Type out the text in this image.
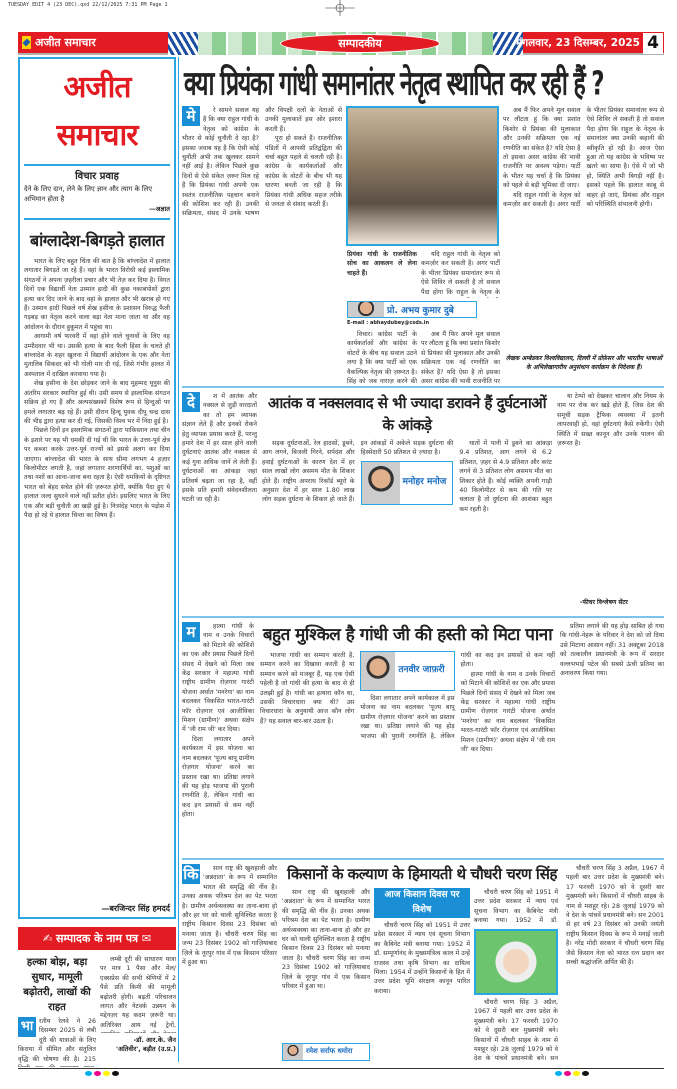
TUESDAY EDIT 4 (23 DEC).qxd 22/12/2025 7:31 PM Page 1
अजीत समाचार	सम्पादकीय	मंगलवार, 23 दिसम्बर, 2025 4
अजीत समाचार
विचार प्रवाह
देने के लिए दान, लेने के लिए ज्ञान और त्याग के लिए अभिमान होता है
—अज्ञात
बांग्लादेश-बिगड़ते हालात

भारत के लिए बहुत चिंता की बात है कि बांग्लादेश में हालात लगातार बिगड़ते जा रहे हैं। वहां के भारत विरोधी कई इस्लामिक संगठनों ने अपना ज़हरीला प्रचार और भी तेज़ कर दिया है। विगत दिनों एक विद्यार्थी नेता उस्मान हादी की कुछ नकाबपोशों द्वारा हत्या कर दिए जाने के बाद वहां के हालात और भी खराब हो गए हैं। उस्मान हादी पिछले वर्ष शेख हसीना के प्रशासन विरुद्ध फैली गड़बड़ का नेतृत्व करने वाला बड़ा नेता माना जाता था और वह आंदोलन के दौरान हुकूमत में पहुंचा था।

आगामी वर्ष फरवरी में वहां होने वाले चुनावों के लिए वह उम्मीदवार भी था। उसकी हत्या के बाद फैली हिंसा के चलते ही बांग्लादेश के शहर खुलना में विद्यार्थी आंदोलन के एक और नेता मुतालिब सिकदर को भी गोली मार दी गई, जिसे गंभीर हालत में अस्पताल में दाखिल करवाया गया है।

शेख हसीना के देश छोड़कर जाने के बाद मुहम्मद यूनुस की अंतरिम सरकार स्थापित हुई थी। उसी समय से इस्लामिक संगठन सक्रिय हो गए हैं और अल्पसंख्यकों विशेष रूप से हिन्दुओं पर हमले लगातार बढ़ रहे हैं। इसी दौरान हिन्दू युवक दीपू चन्द्र दास की भीड़ द्वारा हत्या कर दी गई, जिसकी विश्व भर में निंदा हुई है।

पिछले दिनों इन इस्लामिक संगठनों द्वारा पाकिस्तान तथा चीन के इशारे पर यह भी धमकी दी गई थी कि भारत के उत्तर-पूर्व क्षेत्र पर कब्जा करके उत्तर-पूर्व राज्यों को इससे अलग कर दिया जाएगा। बांग्लादेश की भारत के साथ सीमा लगभग 4 हज़ार किलोमीटर लगती है, जहां लगातार शरणार्थियों का, पशुओं का तथा नशों का आना-जाना बना रहता है। ऐसी धमकियों के दृष्टिगत भारत को बेहद सचेत होने की ज़रूरत होगी, क्योंकि पैदा हुए ये हालात जल्द सुधरने वाले नहीं प्रतीत होते। इसलिए भारत के लिए एक और बड़ी चुनौती आ खड़ी हुई है। निःसंदेह भारत के पड़ोस में पैदा हो रहे ये हालात चिन्ता का विषय हैं।

—बरजिन्दर सिंह हमदर्द
✍ सम्पादक के नाम पत्र ✉
हल्का बोझ, बड़ा सुधार, मामूली बढ़ोतरी, लाखों की राहत
भा रतीय रेलवे ने 26 दिसम्बर 2025 से लंबी दूरी की यात्राओं के लिए किराया में सीमित और संतुलित वृद्धि की घोषणा की है। 215

लम्बी दूरी की साधारण यात्रा पर मात्र 1 पैसा और मेल/एक्सप्रेस की सभी श्रेणियों में 2 पैसे प्रति किमी की मामूली बढ़ोतरी होगी। बढ़ती परिचालन लागत और नेटवर्क उन्नयन के मद्देनज़र यह कदम ज़रूरी था। अतिरिक्त आय नई ट्रेनों,

-डॉ. आर.के. जैन
'अतिवीर', बड़ौत (उ.प्र.)
क्या प्रियंका गांधी समानांतर नेतृत्व स्थापित कर रही हैं ?
मे	रे सामने सवाल यह है कि क्या राहुल गांधी के नेतृत्व को कांग्रेस के भीतर से कोई चुनौती दे रहा है? इसका जवाब यह है कि ऐसी कोई चुनौती अभी तक खुलकर सामने नहीं आई है। लेकिन पिछले कुछ दिनों से ऐसे संकेत ज़रूर मिल रहे हैं कि प्रियंका गांधी अपनी एक स्वतंत्र राजनीतिक पहचान बनाने की कोशिश कर रही हैं। उनकी सक्रियता, संसद में उनके भाषण और विपक्षी दलों के नेताओं से उनकी मुलाकातें इस ओर इशारा करती हैं।

पूरा हो सकते हैं। राजनीतिक पंडितों में आपसी प्रतिद्वंद्विता की चर्चा बहुत पहले से चलती रही है। कांग्रेस के कार्यकर्ताओं और कांग्रेस के वोटरों के बीच भी यह धारणा बनती जा रही है कि प्रियंका गांधी अधिक सहज तरीके से जनता से संवाद करती हैं।

प्रियंका गांधी के राजनीतिक सोच का आकलन ले लेना चाहते हैं।

यदि राहुल गांधी के नेतृत्व को कमज़ोर कर सकती है। अगर पार्टी के भीतर प्रियंका समानांतर रूप से ऐसे शिविर ले सकती है तो सवाल पैदा होगा कि राहुल के नेतृत्व के

प्रो. अभय कुमार दुबे
E-mail : abhaydubey@csds.in

विचार। कांग्रेस पार्टी के कार्यकर्ताओं और कांग्रेस के वोटरों के बीच यह सवाल उठने लगा है कि क्या पार्टी को एक वैकल्पिक नेतृत्व की ज़रूरत है। सिंह को जब नाराज़ करने की

अब मैं फिर अपने मूल सवाल पर लौटता हूं कि क्या प्रशांत किशोर से प्रियंका की मुलाकात और उनकी सक्रियता एक नई रणनीति का संकेत है? यदि ऐसा है तो इसका असर कांग्रेस की भावी राजनीति पर

अब मैं फिर अपने मूल सवाल पर लौटता हूं कि क्या प्रशांत किशोर से प्रियंका की मुलाकात और उनकी सक्रियता एक नई रणनीति का संकेत है? यदि ऐसा है तो इसका असर कांग्रेस की भावी राजनीति पर अवश्य पड़ेगा। पार्टी के भीतर यह चर्चा है कि प्रियंका को पहले से बड़ी भूमिका दी जाए।

यदि राहुल गांधी के नेतृत्व को कमज़ोर कर सकती है। अगर पार्टी के भीतर प्रियंका समानांतर रूप से ऐसे शिविर ले सकती है तो सवाल पैदा होगा कि राहुल के नेतृत्व के समानांतर क्या उनकी कहानी की स्वीकृति हो रही है। आज ऐसा हुआ तो यह कांग्रेस के भविष्य पर खतरे का साया है। ऐसे में जो भी हो, स्थिति अभी बिगड़ी नहीं है। इसको पहले कि हालात काबू से बाहर हो जाएं, प्रियंका और राहुल को परिस्थिति संभालनी होगी।

लेखक अम्बेडकर विश्वविद्यालय, दिल्ली में प्रोफ़ेसर और भारतीय भाषाओं के अभिलेखागारीय अनुसंधान कार्यक्रम के निदेशक हैं।
दे	श में आतंक और नक्सल से जुड़ी वारदातों का तो हम व्यापक संज्ञान लेते हैं और इनको रोकने हेतु व्यापक प्रयास करते हैं, परन्तु हमारे देश में हर साल होने वाली दुर्घटनाएं आतंक और नक्सल से कई गुना अधिक जानें ले लेती हैं। दुर्घटनाओं का आंकड़ा जहां प्रतिवर्ष बढ़ता जा रहा है, वहीं इसके प्रति हमारी संवेदनशीलता घटती जा रही है।

आतंक व नक्सलवाद से भी ज्यादा डरावने हैं दुर्घटनाओं के आंकड़े

सड़क दुर्घटनाओं, रेल हादसों, डूबने, आग लगने, बिजली गिरने, सर्पदंश और हवाई दुर्घटनाओं के कारण देश में हर साल लाखों लोग असमय मौत के शिकार होते हैं। राष्ट्रीय अपराध रिकॉर्ड ब्यूरो के अनुसार देश में हर साल 1.80 लाख लोग सड़क दुर्घटना के शिकार हो जाते हैं। इन आंकड़ों में अकेले सड़क दुर्घटना की हिस्सेदारी 50 प्रतिशत से ज़्यादा है।

मनोहर मनोज

घातों में पानी में डूबने का आंकड़ा 9.4 प्रतिशत, आग लगने से 6.2 प्रतिशत, ज़हर से 4.9 प्रतिशत और करंट लगने से 3 प्रतिशत लोग असमय मौत का शिकार होते हैं। कोई व्यक्ति अपनी गाड़ी 40 किलोमीटर से कम की गति पर चलाता है तो दुर्घटना की आशंका बहुत कम रहती है।

या टेम्पो को देखकर चालान और नियम के नाम पर रोक कर खड़े होते हैं, जिस देश की समूची सड़क ट्रैफिक व्यवस्था में इतनी लापरवाही हो, वहां दुर्घटनाएं कैसे रुकेंगी। ऐसी स्थिति में सख्त कानून और उनके पालन की ज़रूरत है।

-फीचर विश्लेषण सेंटर
म	हात्मा गांधी के नाम व उनके विचारों को मिटाने की कोशिशें का एक और प्रयास पिछले दिनों संसद में देखने को मिला जब केंद्र सरकार ने महात्मा गांधी राष्ट्रीय ग्रामीण रोज़गार गारंटी योजना अर्थात 'मनरेगा' का नाम बदलकर 'विकसित भारत-गारंटी फॉर रोज़गार एवं आजीविका मिशन (ग्रामीण)' अथवा संक्षेप में 'जी राम जी' कर दिया।

दिशा लगातार अपने कार्यकाल में इस योजना का नाम बदलकर 'पूज्य बापू ग्रामीण रोज़गार योजना' करने का प्रस्ताव रखा था। प्रतिष्ठा लगाने की यह होड़ भाजपा की पुरानी रणनीति है, लेकिन गांधी का कद इन प्रयासों से कम नहीं होता।

बहुत मुश्किल है गांधी जी की हस्ती को मिटा पाना

भाजपा गांधी का सम्मान करती है, सम्मान करने का दिखावा करती है या सम्मान करने को मजबूर हैं, यह एक ऐसी पहेली है जो गांधी की हत्या के बाद से ही उलझी हुई है। गांधी का हत्यारा कौन था, उसकी विचारधारा क्या थी? उस विचारधारा के अनुयायी आज कौन लोग हैं? यह सवाल बार-बार उठता है।

तनवीर जाफ़री

दिशा लगातार अपने कार्यकाल में इस योजना का नाम बदलकर 'पूज्य बापू ग्रामीण रोज़गार योजना' करने का प्रस्ताव रखा था। प्रतिष्ठा लगाने की यह होड़ भाजपा की पुरानी रणनीति है, लेकिन गांधी का कद इन प्रयासों से कम नहीं होता।

हात्मा गांधी के नाम व उनके विचारों को मिटाने की कोशिशें का एक और प्रयास पिछले दिनों संसद में देखने को मिला जब केंद्र सरकार ने महात्मा गांधी राष्ट्रीय ग्रामीण रोज़गार गारंटी योजना अर्थात 'मनरेगा' का नाम बदलकर 'विकसित भारत-गारंटी फॉर रोज़गार एवं आजीविका मिशन (ग्रामीण)' अथवा संक्षेप में 'जी राम जी' कर दिया।

प्रतिमा लगाने की यह होड़ साबित हो गया कि गांधी-नेहरू के परिवार ने देश को जो दिया उसे मिटाना आसान नहीं। 31 अक्टूबर 2018 को तत्कालीन प्रधानमंत्री के रूप में सरदार वल्लभभाई पटेल की सबसे ऊंची प्रतिमा का अनावरण किया गया।

कि	सान राष्ट्र की खुशहाली और 'अन्नदाता' के रूप में सम्मानित भारत की समृद्धि की नींव है। उनका अथक परिश्रम देश का पेट भरता है। ग्रामीण अर्थव्यवस्था का ताना-बाना हो और हर घर को थाली सुनिश्चित करता है राष्ट्रीय किसान दिवस 23 दिसंबर को मनाया जाता है। चौधरी चरण सिंह का जन्म 23 दिसंबर 1902 को गाज़ियाबाद ज़िले के नूरपुर गांव में एक किसान परिवार में हुआ था।

किसानों के कल्याण के हिमायती थे चौधरी चरण सिंह

सान राष्ट्र की खुशहाली और 'अन्नदाता' के रूप में सम्मानित भारत की समृद्धि की नींव है। उनका अथक परिश्रम देश का पेट भरता है। ग्रामीण अर्थव्यवस्था का ताना-बाना हो और हर घर को थाली सुनिश्चित करता है राष्ट्रीय किसान दिवस 23 दिसंबर को मनाया जाता है। चौधरी चरण सिंह का जन्म 23 दिसंबर 1902 को गाज़ियाबाद ज़िले के नूरपुर गांव में एक किसान परिवार में हुआ था।

रमेश सर्राफ धमोरा
आज किसान दिवस पर विशेष

चौधरी चरण सिंह को 1951 में उत्तर प्रदेश सरकार में न्याय एवं सूचना विभाग का कैबिनेट मंत्री बनाया गया। 1952 में डॉ. सम्पूर्णानंद के मुख्यमंत्रित्व काल में उन्हें राजस्व तथा कृषि विभाग का दायित्व मिला। 1954 में उन्होंने किसानों के हित में उत्तर प्रदेश भूमि संरक्षण कानून पारित कराया।

चौधरी चरण सिंह को 1951 में उत्तर प्रदेश सरकार में न्याय एवं सूचना विभाग का कैबिनेट मंत्री बनाया गया। 1952 में डॉ.

चौधरी चरण सिंह 3 अप्रैल, 1967 में पहली बार उत्तर प्रदेश के मुख्यमंत्री बने। 17 फरवरी 1970 को वे दूसरी बार मुख्यमंत्री बने। किसानों में चौधरी साहब के नाम से मशहूर रहे। 28 जुलाई 1979 को वे देश के पांचवें प्रधानमंत्री बने। सन

चौधरी चरण सिंह 3 अप्रैल, 1967 में पहली बार उत्तर प्रदेश के मुख्यमंत्री बने। 17 फरवरी 1970 को वे दूसरी बार मुख्यमंत्री बने। किसानों में चौधरी साहब के नाम से मशहूर रहे। 28 जुलाई 1979 को वे देश के पांचवें प्रधानमंत्री बने। सन 2001 से हर वर्ष 23 दिसंबर को उनकी जयंती राष्ट्रीय किसान दिवस के रूप में मनाई जाती है। नरेंद्र मोदी सरकार ने चौधरी चरण सिंह जैसे किसान नेता को भारत रत्न प्रदान कर सच्ची श्रद्धांजलि अर्पित की है।
